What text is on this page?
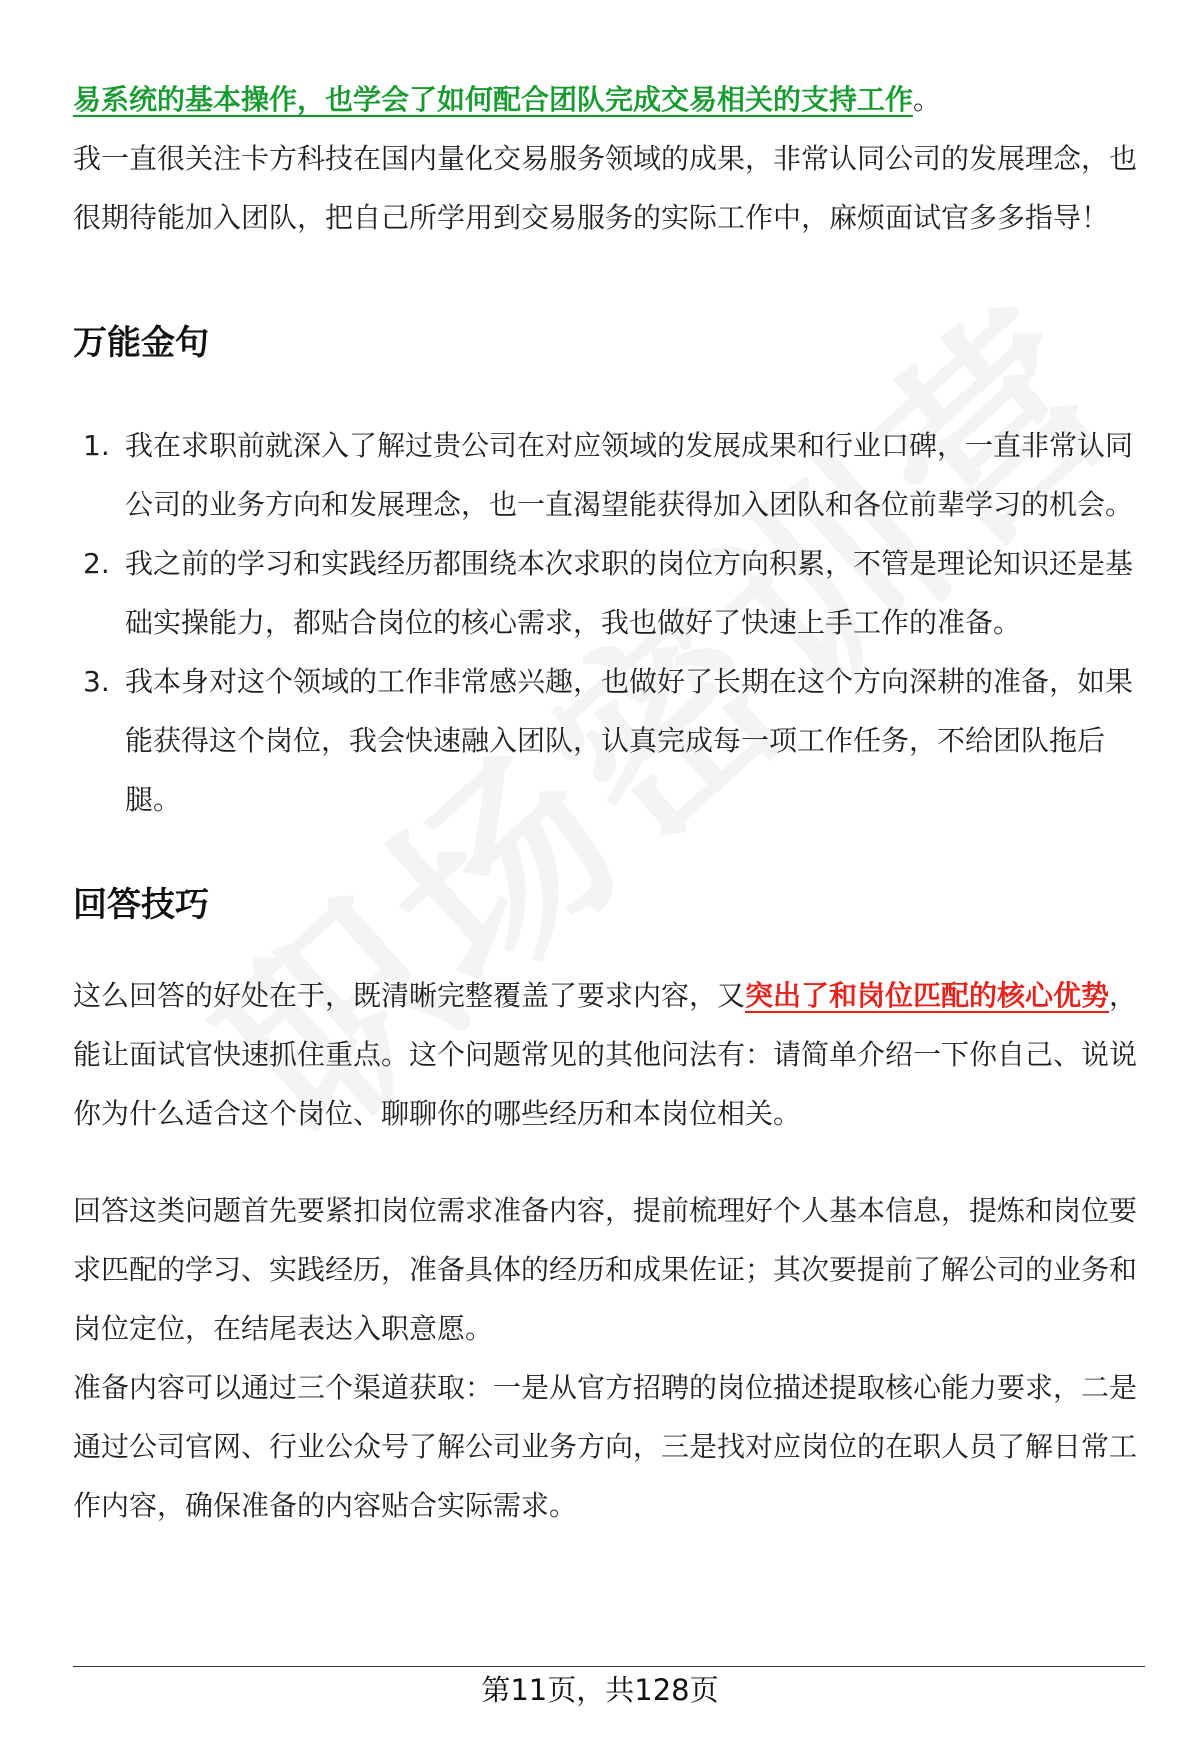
易系统的基本操作，也学会了如何配合团队完成交易相关的支持工作。

我一直很关注卡方科技在国内量化交易服务领域的成果，非常认同公司的发展理念，也很期待能加入团队，把自己所学用到交易服务的实际工作中，麻烦面试官多多指导！

万能金句
1. 我在求职前就深入了解过贵公司在对应领域的发展成果和行业口碑，一直非常认同公司的业务方向和发展理念，也一直渴望能获得加入团队和各位前辈学习的机会。
2. 我之前的学习和实践经历都围绕本次求职的岗位方向积累，不管是理论知识还是基础实操能力，都贴合岗位的核心需求，我也做好了快速上手工作的准备。
3. 我本身对这个领域的工作非常感兴趣，也做好了长期在这个方向深耕的准备，如果能获得这个岗位，我会快速融入团队，认真完成每一项工作任务，不给团队拖后腿。
回答技巧

这么回答的好处在于，既清晰完整覆盖了要求内容，又突出了和岗位匹配的核心优势，能让面试官快速抓住重点。这个问题常见的其他问法有：请简单介绍一下你自己、说说你为什么适合这个岗位、聊聊你的哪些经历和本岗位相关。

回答这类问题首先要紧扣岗位需求准备内容，提前梳理好个人基本信息，提炼和岗位要求匹配的学习、实践经历，准备具体的经历和成果佐证；其次要提前了解公司的业务和岗位定位，在结尾表达入职意愿。

准备内容可以通过三个渠道获取：一是从官方招聘的岗位描述提取核心能力要求，二是通过公司官网、行业公众号了解公司业务方向，三是找对应岗位的在职人员了解日常工作内容，确保准备的内容贴合实际需求。

第11页，共128页
